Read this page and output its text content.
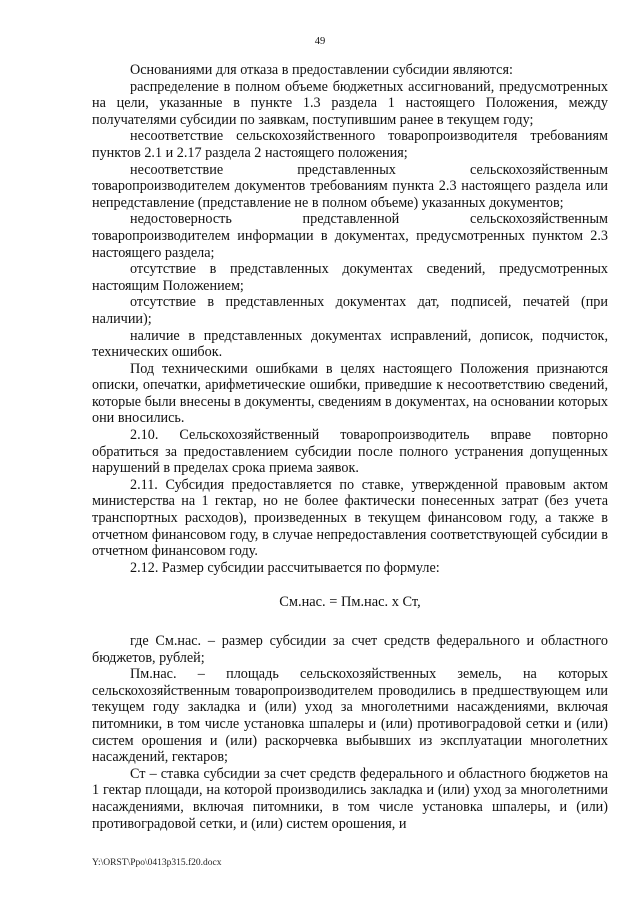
49

Основаниями для отказа в предоставлении субсидии являются:

распределение в полном объеме бюджетных ассигнований, предусмотренных на цели, указанные в пункте 1.3 раздела 1 настоящего Положения, между получателями субсидии по заявкам, поступившим ранее в текущем году;

несоответствие сельскохозяйственного товаропроизводителя требованиям пунктов 2.1 и 2.17 раздела 2 настоящего положения;

несоответствие представленных сельскохозяйственным товаропроизводителем документов требованиям пункта 2.3 настоящего раздела или непредставление (представление не в полном объеме) указанных документов;

недостоверность представленной сельскохозяйственным товаропроизводителем информации в документах, предусмотренных пунктом 2.3 настоящего раздела;

отсутствие в представленных документах сведений, предусмотренных настоящим Положением;

отсутствие в представленных документах дат, подписей, печатей (при наличии);

наличие в представленных документах исправлений, дописок, подчисток, технических ошибок.

Под техническими ошибками в целях настоящего Положения признаются описки, опечатки, арифметические ошибки, приведшие к несоответствию сведений, которые были внесены в документы, сведениям в документах, на основании которых они вносились.

2.10. Сельскохозяйственный товаропроизводитель вправе повторно обратиться за предоставлением субсидии после полного устранения допущенных нарушений в пределах срока приема заявок.

2.11. Субсидия предоставляется по ставке, утвержденной правовым актом министерства на 1 гектар, но не более фактически понесенных затрат (без учета транспортных расходов), произведенных в текущем финансовом году, а также в отчетном финансовом году, в случае непредоставления соответствующей субсидии в отчетном финансовом году.

2.12. Размер субсидии рассчитывается по формуле:

См.нас. = Пм.нас. х Ст,

где См.нас. – размер субсидии за счет средств федерального и областного бюджетов, рублей;

Пм.нас. – площадь сельскохозяйственных земель, на которых сельскохозяйственным товаропроизводителем проводились в предшествующем или текущем году закладка и (или) уход за многолетними насаждениями, включая питомники, в том числе установка шпалеры и (или) противоградовой сетки и (или) систем орошения и (или) раскорчевка выбывших из эксплуатации многолетних насаждений, гектаров;

Ст – ставка субсидии за счет средств федерального и областного бюджетов на 1 гектар площади, на которой производились закладка и (или) уход за многолетними насаждениями, включая питомники, в том числе установка шпалеры, и (или) противоградовой сетки, и (или) систем орошения, и

Y:\ORST\Ppo\0413p315.f20.docx
